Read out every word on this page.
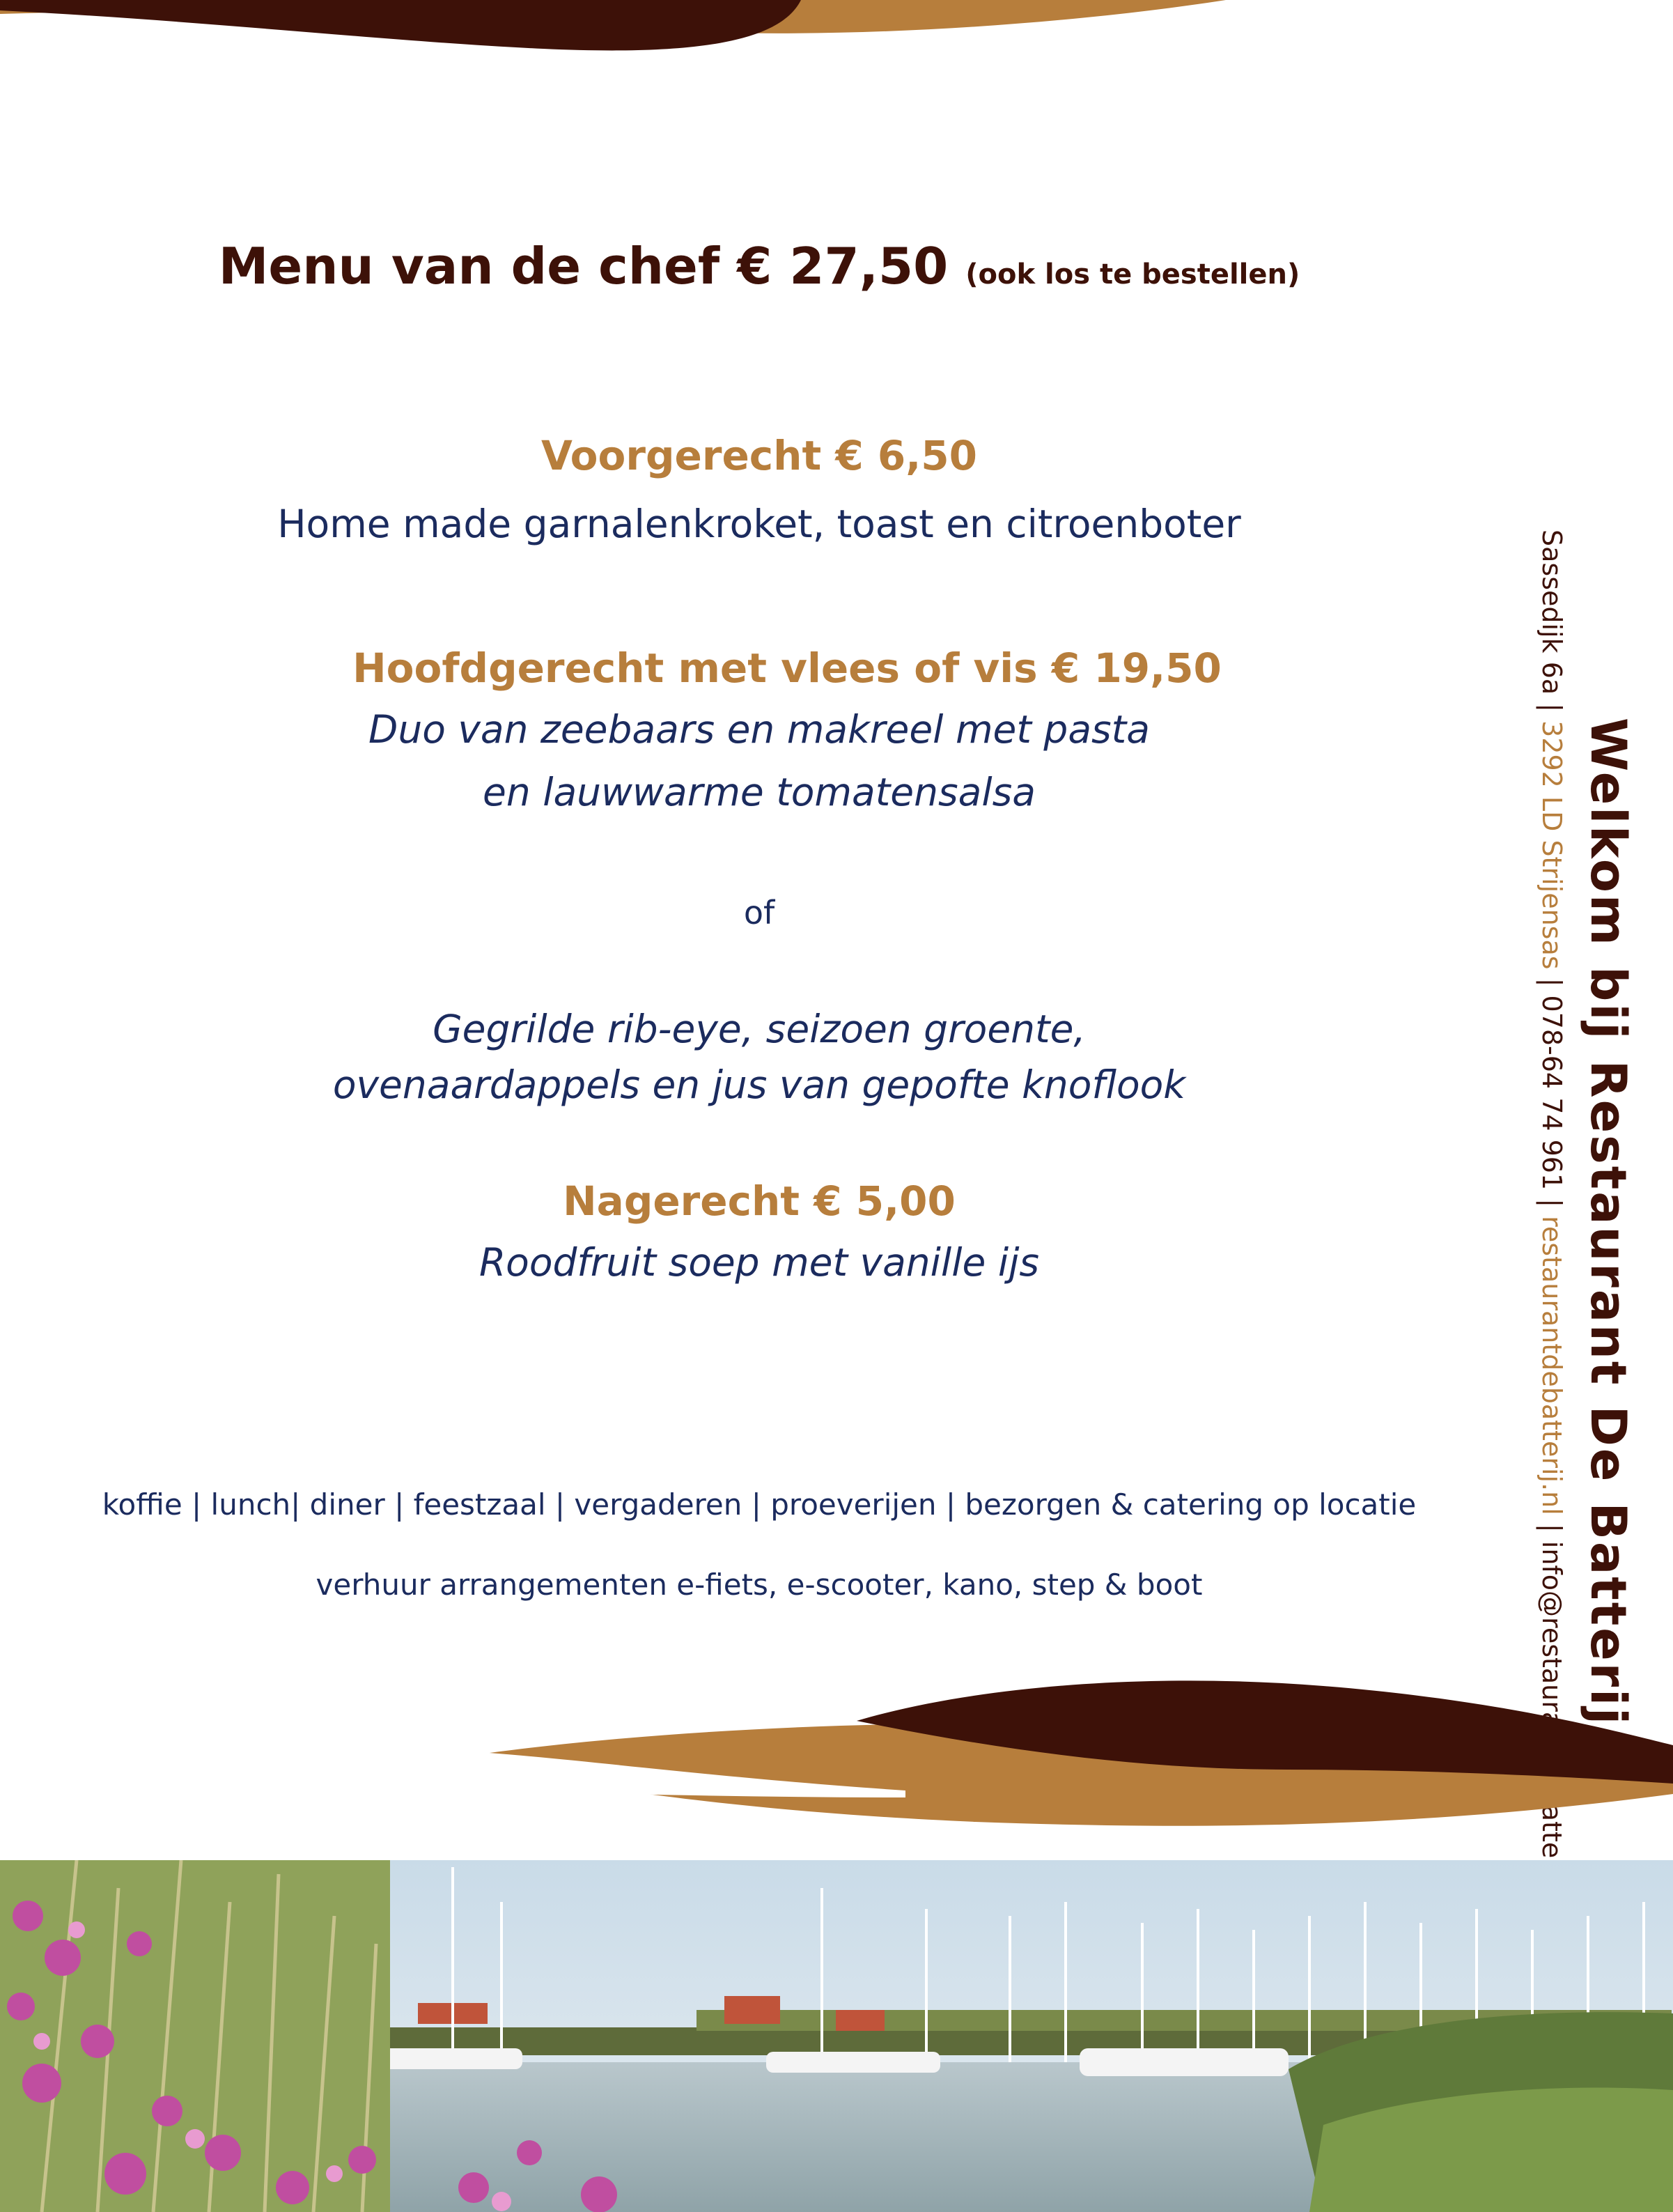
Menu van de chef € 27,50 (ook los te bestellen)
Voorgerecht € 6,50
Home made garnalenkroket, toast en citroenboter
Hoofdgerecht met vlees of vis € 19,50
Duo van zeebaars en makreel met pasta
en lauwwarme tomatensalsa
of
Gegrilde rib-eye, seizoen groente,
ovenaardappels en jus van gepofte knoflook
Nagerecht € 5,00
Roodfruit soep met vanille ijs
koffie | lunch| diner | feestzaal | vergaderen | proeverijen | bezorgen & catering op locatie
verhuur arrangementen e-fiets, e-scooter, kano, step & boot	Welkom bij Restaurant De Batterij
Sassedijk 6a | 3292 LD Strijensas | 078-64 74 961 | restaurantdebatterij.nl |
